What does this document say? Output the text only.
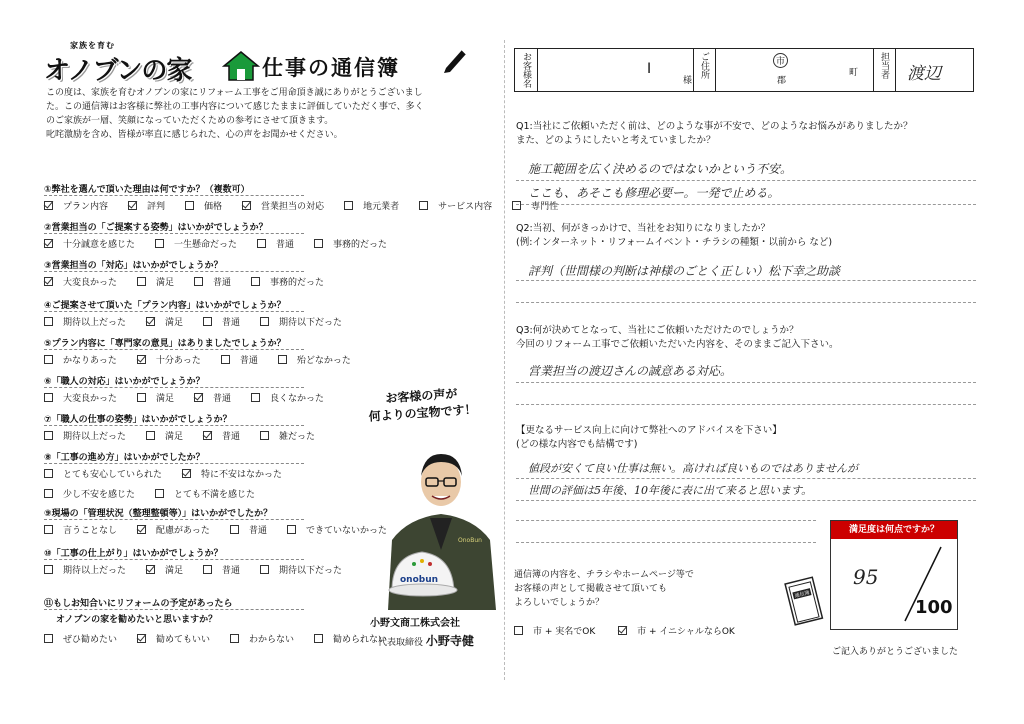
家族を育む
オノブンの家	仕事の通信簿
この度は、家族を育むオノブンの家にリフォーム工事をご用命頂き誠にありがとうございまし
た。この通信簿はお客様に弊社の工事内容について感じたままに評価していただく事で、多く
のご家族が一層、笑顔になっていただくための参考にさせて頂きます。
叱咤激励を含め、皆様が率直に感じられた、心の声をお聞かせください。
①弊社を選んで頂いた理由は何ですか？（複数可）
プラン内容	評判	価格	営業担当の対応	地元業者	サービス内容	専門性
②営業担当の「ご提案する姿勢」はいかがでしょうか？
十分誠意を感じた	一生懸命だった	普通	事務的だった
③営業担当の「対応」はいかがでしょうか？
大変良かった	満足	普通	事務的だった
④ご提案させて頂いた「プラン内容」はいかがでしょうか？
期待以上だった	満足	普通	期待以下だった
⑤プラン内容に「専門家の意見」はありましたでしょうか？
かなりあった	十分あった	普通	殆どなかった
⑥「職人の対応」はいかがでしょうか？
大変良かった	満足	普通	良くなかった
⑦「職人の仕事の姿勢」はいかがでしょうか？
期待以上だった	満足	普通	雑だった
⑧「工事の進め方」はいかがでしたか？
とても安心していられた	特に不安はなかった
少し不安を感じた	とても不満を感じた
⑨現場の「管理状況（整理整頓等）」はいかがでしたか？
言うことなし	配慮があった	普通	できていないかった
⑩「工事の仕上がり」はいかがでしょうか？
期待以上だった	満足	普通	期待以下だった
⑪もしお知合いにリフォームの予定があったら
オノブンの家を勧めたいと思いますか？
ぜひ勧めたい	勧めてもいい	わからない	勧められない
お客様の声が
何よりの宝物です！
OnoBun
onobun
小野文商工株式会社
代表取締役 小野寺健
お客様名	I
様
ご住所	市
郡
町 担当者 渡辺
Q1:当社にご依頼いただく前は、どのような事が不安で、どのようなお悩みがありましたか？
また、どのようにしたいと考えていましたか？
施工範囲を広く決めるのではないかという不安。
ここも、あそこも修理必要ー。一発で止める。
Q2:当初、何がきっかけで、当社をお知りになりましたか？
(例:インターネット・リフォームイベント・チラシの種類・以前から など)
評判（世間様の判断は神様のごとく正しい）松下幸之助談
Q3:何が決めてとなって、当社にご依頼いただけたのでしょうか？
今回のリフォーム工事でご依頼いただいた内容を、そのままご記入下さい。
営業担当の渡辺さんの誠意ある対応。
【更なるサービス向上に向けて弊社へのアドバイスを下さい】
(どの様な内容でも結構です)
値段が安くて良い仕事は無い。高ければ良いものではありませんが
世間の評価は5年後、10年後に表に出て来ると思います。
満足度は何点ですか？
95
100
通信簿の内容を、チラシやホームページ等で
お客様の声として掲載させて頂いても
よろしいでしょうか？
市 + 実名でOK	市 + イニシャルならOK
通信簿
ご記入ありがとうございました
